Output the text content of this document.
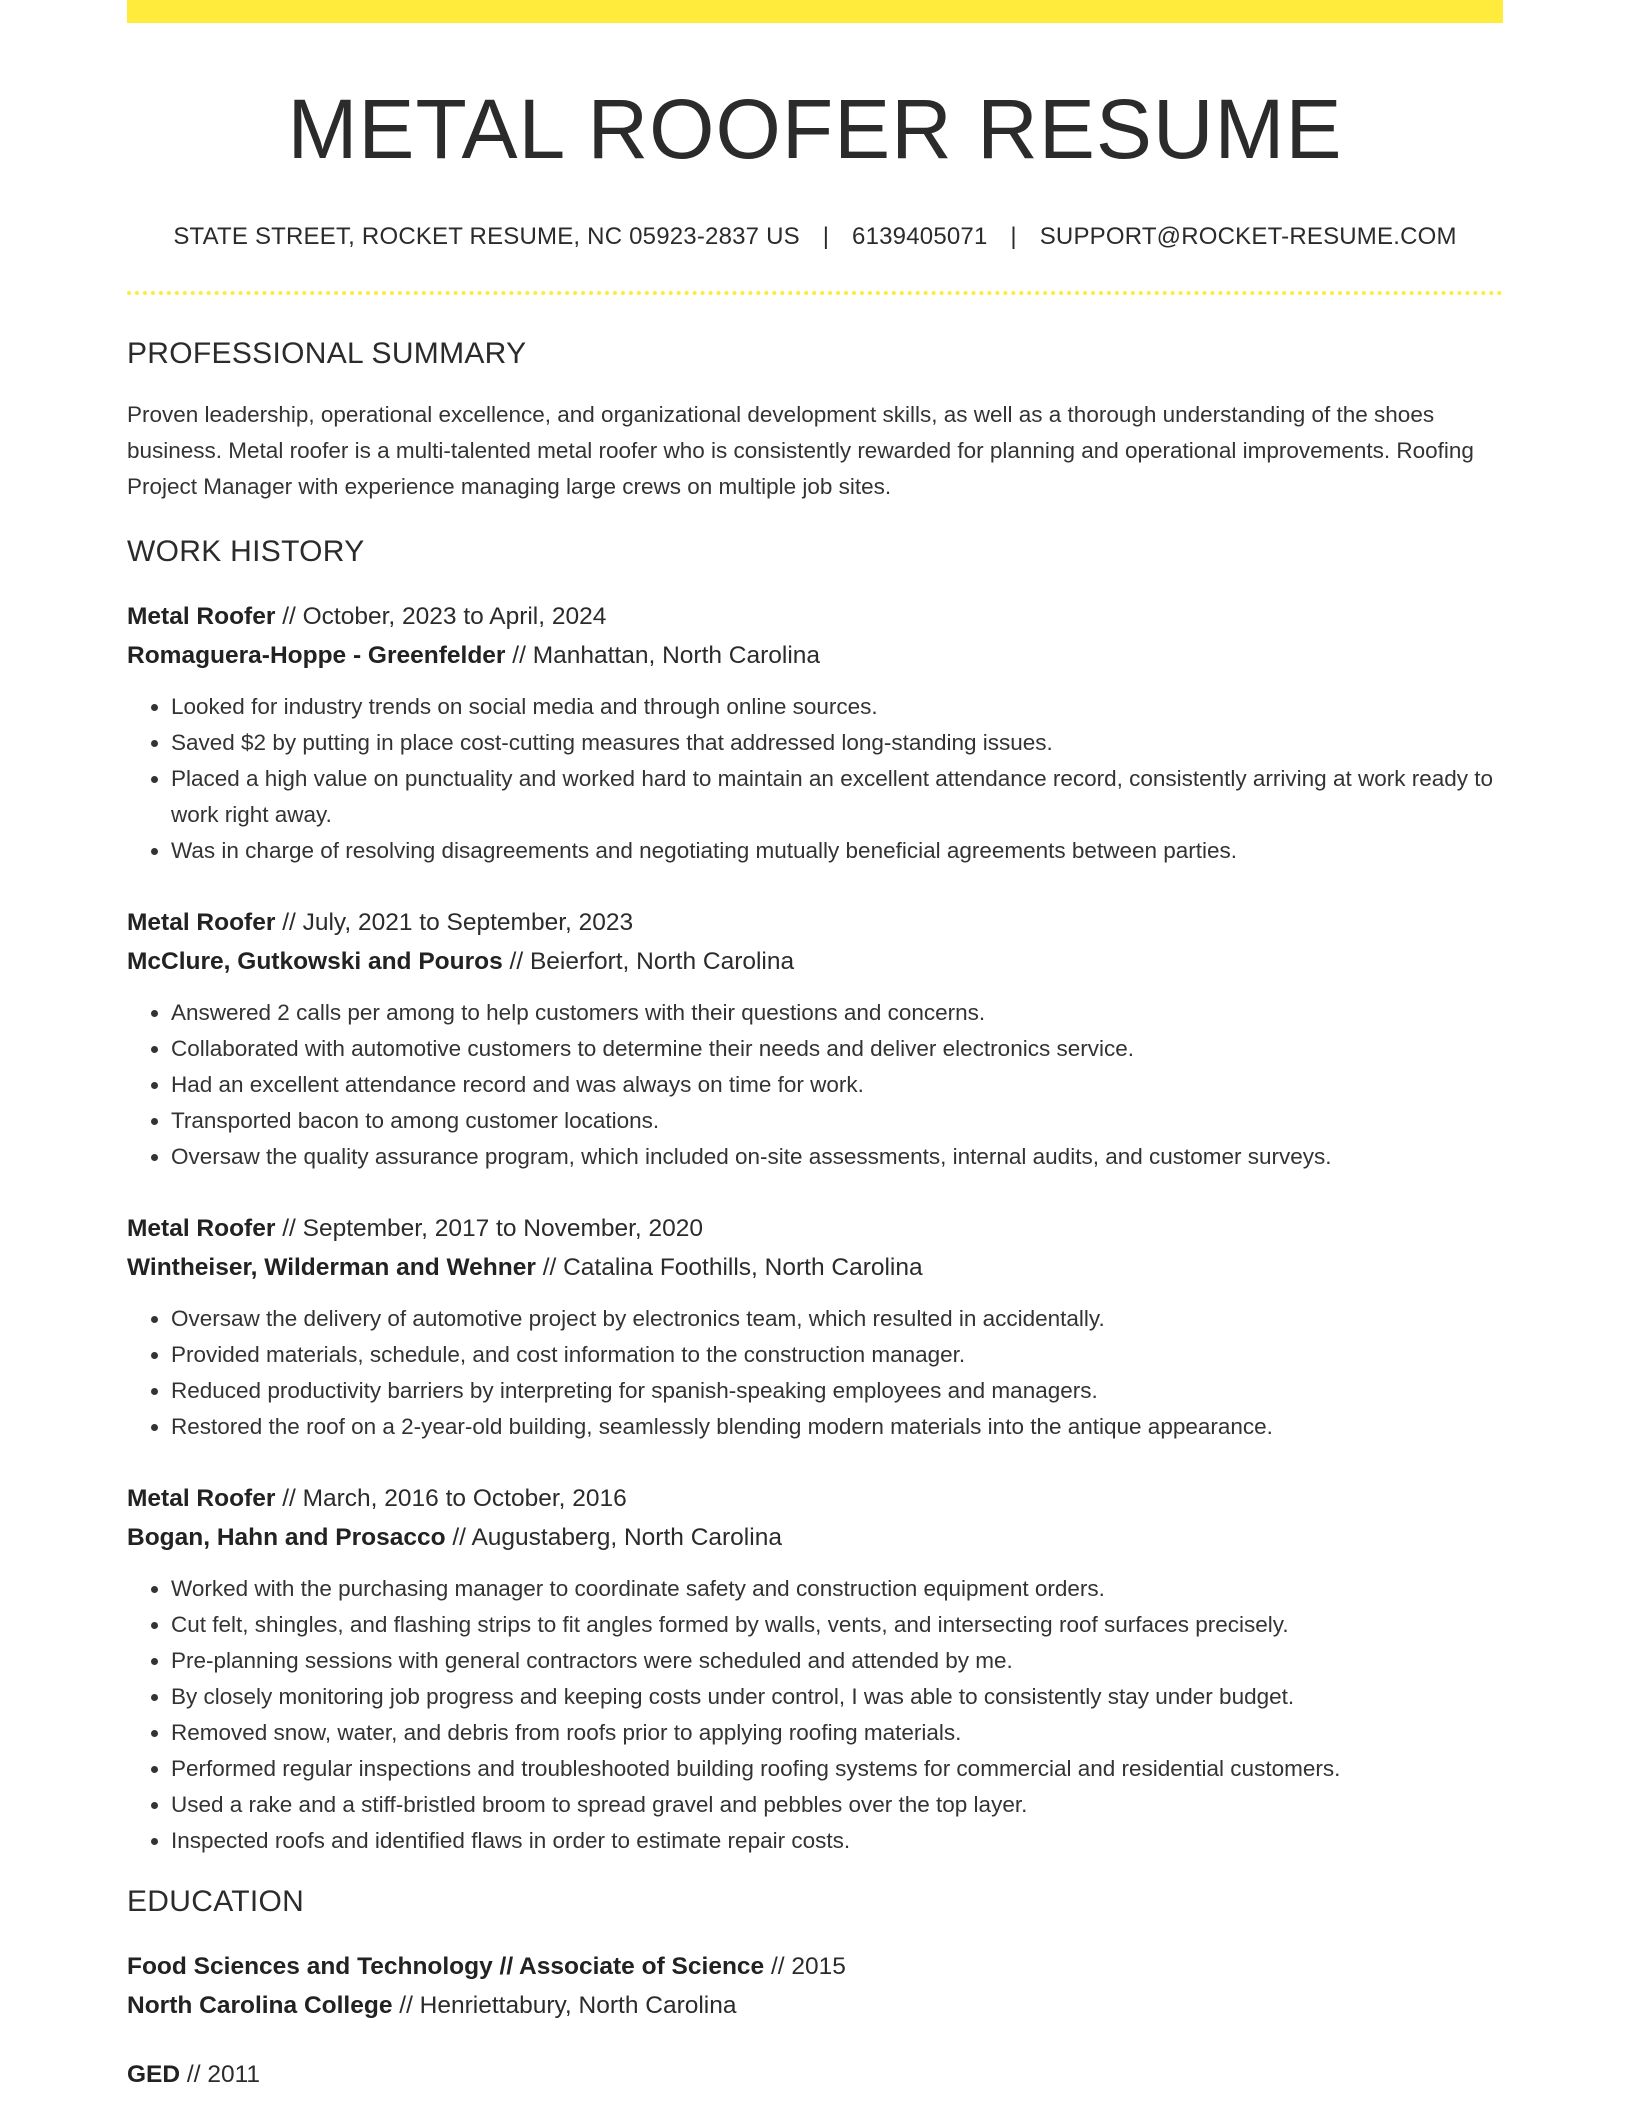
METAL ROOFER RESUME
STATE STREET, ROCKET RESUME, NC 05923-2837 US | 6139405071 | SUPPORT@ROCKET-RESUME.COM
PROFESSIONAL SUMMARY

Proven leadership, operational excellence, and organizational development skills, as well as a thorough understanding of the shoes business. Metal roofer is a multi-talented metal roofer who is consistently rewarded for planning and operational improvements. Roofing Project Manager with experience managing large crews on multiple job sites.

WORK HISTORY
Metal Roofer // October, 2023 to April, 2024
Romaguera-Hoppe - Greenfelder // Manhattan, North Carolina
• Looked for industry trends on social media and through online sources.
• Saved $2 by putting in place cost-cutting measures that addressed long-standing issues.
• Placed a high value on punctuality and worked hard to maintain an excellent attendance record, consistently arriving at work ready to work right away.
• Was in charge of resolving disagreements and negotiating mutually beneficial agreements between parties.
Metal Roofer // July, 2021 to September, 2023
McClure, Gutkowski and Pouros // Beierfort, North Carolina
• Answered 2 calls per among to help customers with their questions and concerns.
• Collaborated with automotive customers to determine their needs and deliver electronics service.
• Had an excellent attendance record and was always on time for work.
• Transported bacon to among customer locations.
• Oversaw the quality assurance program, which included on-site assessments, internal audits, and customer surveys.
Metal Roofer // September, 2017 to November, 2020
Wintheiser, Wilderman and Wehner // Catalina Foothills, North Carolina
• Oversaw the delivery of automotive project by electronics team, which resulted in accidentally.
• Provided materials, schedule, and cost information to the construction manager.
• Reduced productivity barriers by interpreting for spanish-speaking employees and managers.
• Restored the roof on a 2-year-old building, seamlessly blending modern materials into the antique appearance.
Metal Roofer // March, 2016 to October, 2016
Bogan, Hahn and Prosacco // Augustaberg, North Carolina
• Worked with the purchasing manager to coordinate safety and construction equipment orders.
• Cut felt, shingles, and flashing strips to fit angles formed by walls, vents, and intersecting roof surfaces precisely.
• Pre-planning sessions with general contractors were scheduled and attended by me.
• By closely monitoring job progress and keeping costs under control, I was able to consistently stay under budget.
• Removed snow, water, and debris from roofs prior to applying roofing materials.
• Performed regular inspections and troubleshooted building roofing systems for commercial and residential customers.
• Used a rake and a stiff-bristled broom to spread gravel and pebbles over the top layer.
• Inspected roofs and identified flaws in order to estimate repair costs.
EDUCATION
Food Sciences and Technology // Associate of Science // 2015
North Carolina College // Henriettabury, North Carolina
GED // 2011
